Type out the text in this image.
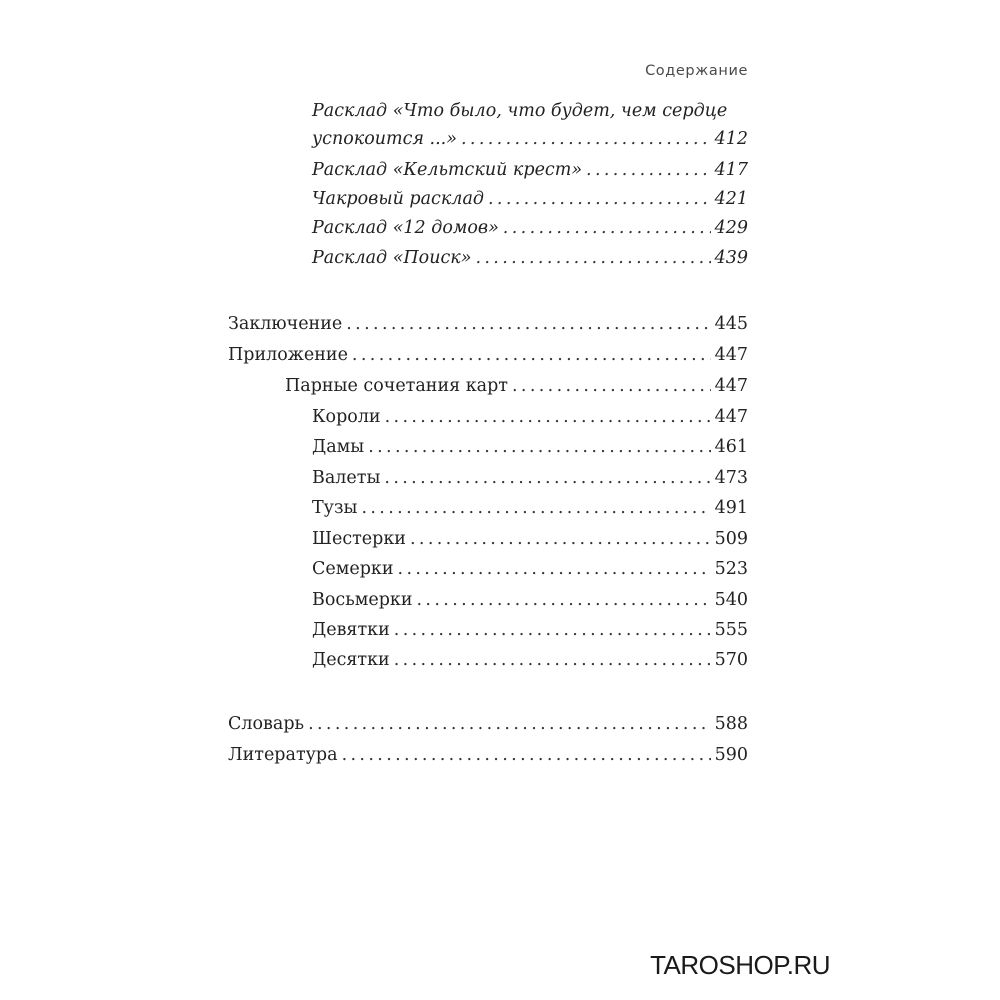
Содержание
Расклад «Что было, что будет, чем сердце
успокоится ...» . . .	412
Расклад «Кельтский крест» . . .	417
Чакровый расклад . . .	421
Расклад «12 домов» . . .	429
Расклад «Поиск» . . .	439
Заключение . . .	445
Приложение . . .	447
Парные сочетания карт . . .	447
Короли . . .	447
Дамы . . .	461
Валеты . . .	473
Тузы . . .	491
Шестерки . . .	509
Семерки . . .	523
Восьмерки . . .	540
Девятки . . .	555
Десятки . . .	570
Словарь . . .	588
Литература . . .	590
TAROSHOP.RU
